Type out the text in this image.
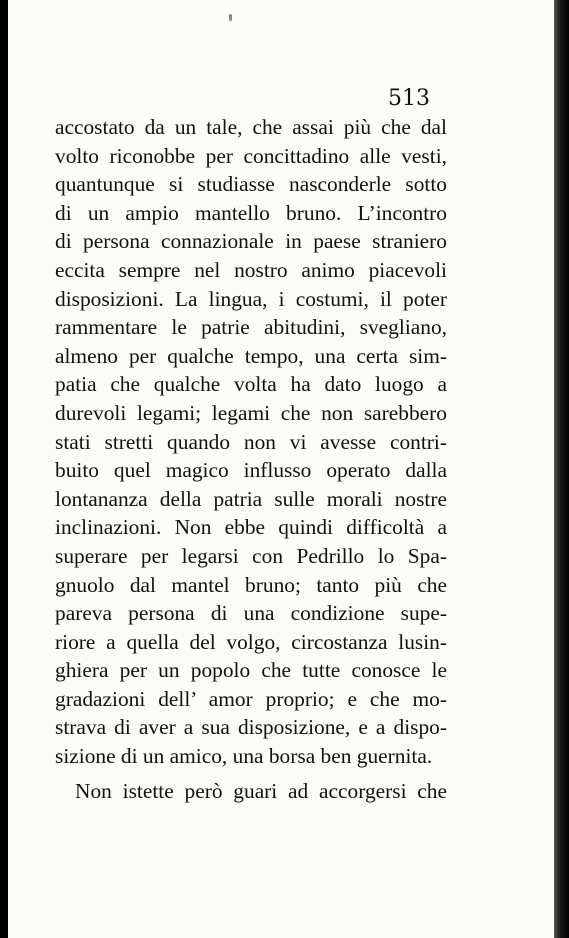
513
accostato da un tale, che assai più che dal
volto riconobbe per concittadino alle vesti,
quantunque si studiasse nasconderle sotto
di un ampio mantello bruno. L’incontro
di persona connazionale in paese straniero
eccita sempre nel nostro animo piacevoli
disposizioni. La lingua, i costumi, il poter
rammentare le patrie abitudini, svegliano,
almeno per qualche tempo, una certa sim-
patia che qualche volta ha dato luogo a
durevoli legami; legami che non sarebbero
stati stretti quando non vi avesse contri-
buito quel magico influsso operato dalla
lontananza della patria sulle morali nostre
inclinazioni. Non ebbe quindi difficoltà a
superare per legarsi con Pedrillo lo Spa-
gnuolo dal mantel bruno; tanto più che
pareva persona di una condizione supe-
riore a quella del volgo, circostanza lusin-
ghiera per un popolo che tutte conosce le
gradazioni dell’ amor proprio; e che mo-
strava di aver a sua disposizione, e a dispo-
sizione di un amico, una borsa ben guernita.
Non istette però guari ad accorgersi che
